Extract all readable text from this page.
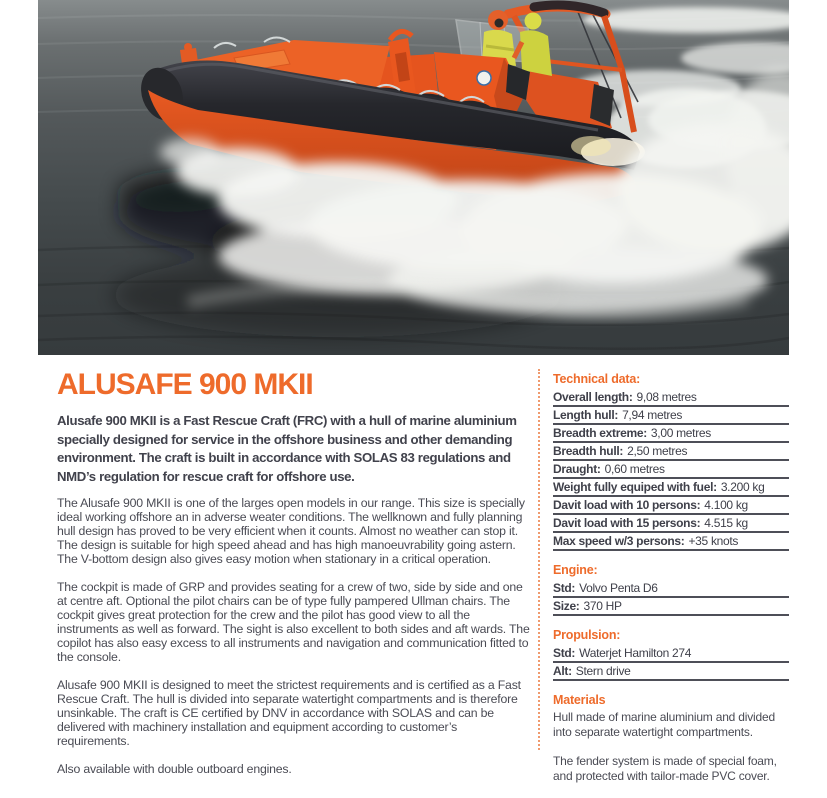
ALUSAFE 900 MKII

Alusafe 900 MKII is a Fast Rescue Craft (FRC) with a hull of marine aluminium specially designed for service in the offshore business and other demanding environment. The craft is built in accordance with SOLAS 83 regulations and NMD’s regulation for rescue craft for offshore use.

The Alusafe 900 MKII is one of the larges open models in our range. This size is specially ideal working offshore an in adverse weater conditions. The wellknown and fully planning hull design has proved to be very efficient when it counts. Almost no weather can stop it. The design is suitable for high speed ahead and has high manoeuvrability going astern. The V-bottom design also gives easy motion when stationary in a critical operation.

The cockpit is made of GRP and provides seating for a crew of two, side by side and one at centre aft. Optional the pilot chairs can be of type fully pampered Ullman chairs. The cockpit gives great protection for the crew and the pilot has good view to all the instruments as well as forward. The sight is also excellent to both sides and aft wards. The copilot has also easy excess to all instruments and navigation and communication fitted to the console.

Alusafe 900 MKII is designed to meet the strictest requirements and is certified as a Fast Rescue Craft. The hull is divided into separate watertight compartments and is therefore unsinkable. The craft is CE certified by DNV in accordance with SOLAS and can be delivered with machinery installation and equipment according to customer’s requirements.

Also available with double outboard engines.

Technical data:
Overall length: 9,08 metres
Length hull: 7,94 metres
Breadth extreme: 3,00 metres
Breadth hull: 2,50 metres
Draught: 0,60 metres
Weight fully equiped with fuel: 3.200 kg
Davit load with 10 persons: 4.100 kg
Davit load with 15 persons: 4.515 kg
Max speed w/3 persons: +35 knots
Engine:
Std: Volvo Penta D6
Size: 370 HP
Propulsion:
Std: Waterjet Hamilton 274
Alt: Stern drive
Materials

Hull made of marine aluminium and divided into separate watertight compartments.

The fender system is made of special foam, and protected with tailor-made PVC cover.
